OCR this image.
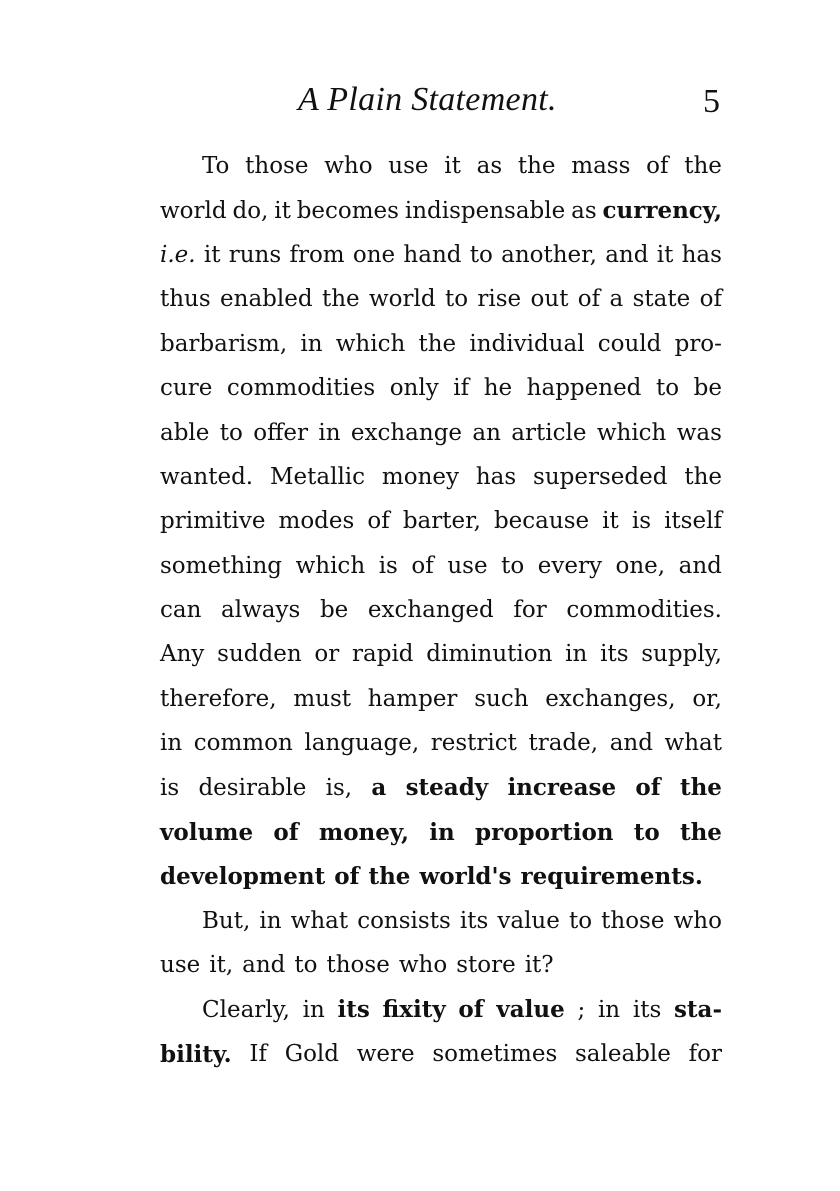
A Plain Statement.	5
To those who use it as the mass of the
world do, it becomes indispensable as currency,
i.e. it runs from one hand to another, and it has
thus enabled the world to rise out of a state of
barbarism, in which the individual could pro-
cure commodities only if he happened to be
able to offer in exchange an article which was
wanted. Metallic money has superseded the
primitive modes of barter, because it is itself
something which is of use to every one, and
can always be exchanged for commodities.
Any sudden or rapid diminution in its supply,
therefore, must hamper such exchanges, or,
in common language, restrict trade, and what
is desirable is, a steady increase of the
volume of money, in proportion to the
development of the world's requirements.
But, in what consists its value to those who
use it, and to those who store it?
Clearly, in its fixity of value ; in its sta-
bility. If Gold were sometimes saleable for
